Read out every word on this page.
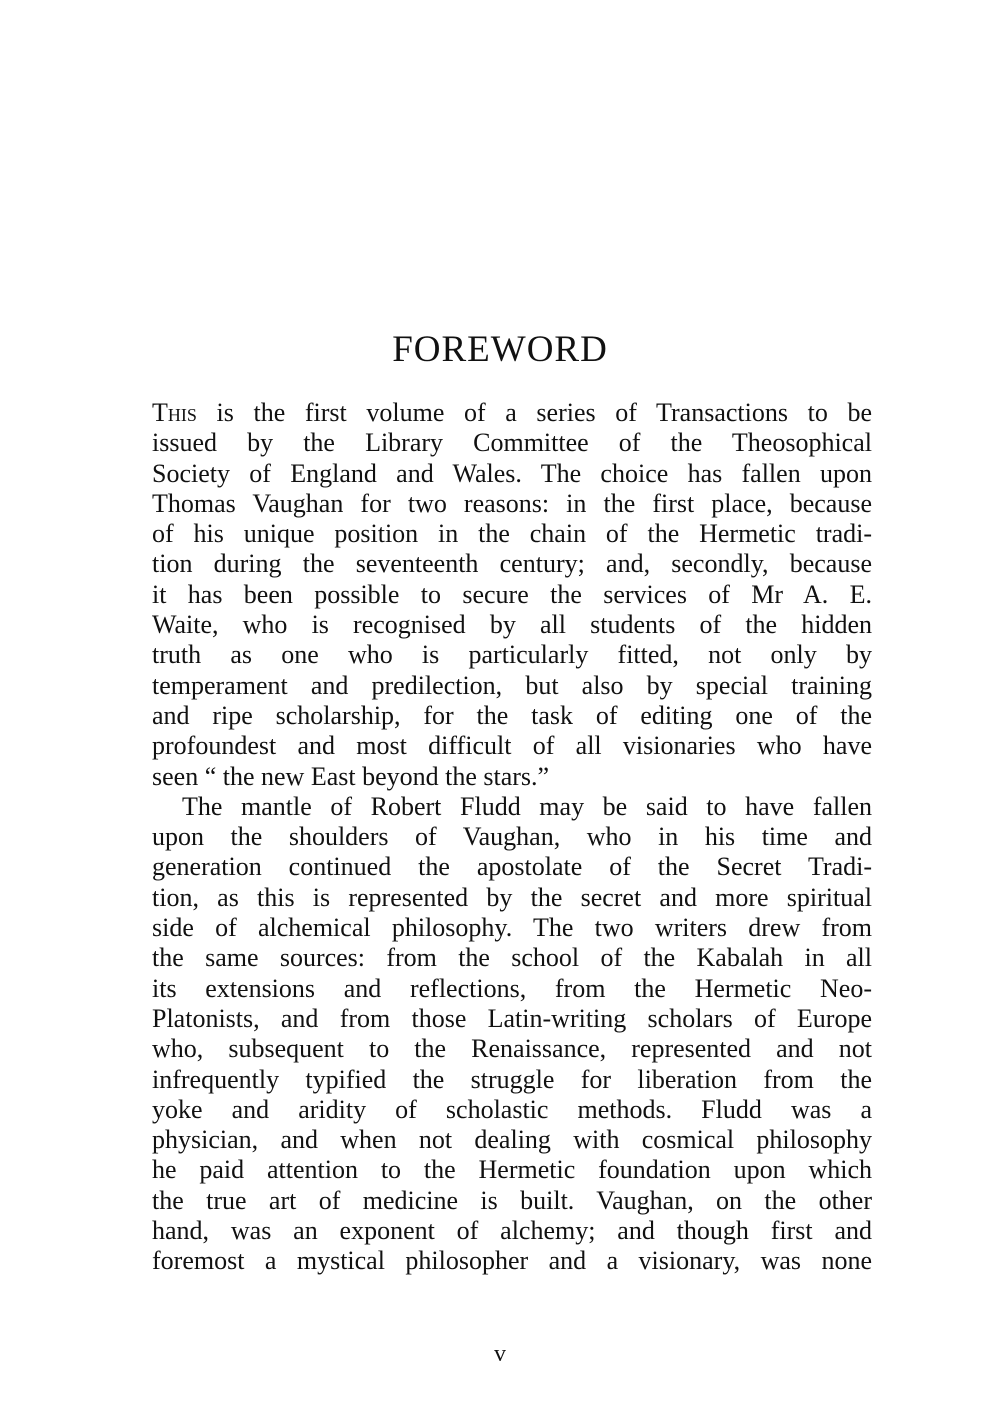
FOREWORD
This is the first volume of a series of Transactions to be
issued by the Library Committee of the Theosophical
Society of England and Wales. The choice has fallen upon
Thomas Vaughan for two reasons: in the first place, because
of his unique position in the chain of the Hermetic tradi-
tion during the seventeenth century; and, secondly, because
it has been possible to secure the services of Mr A. E.
Waite, who is recognised by all students of the hidden
truth as one who is particularly fitted, not only by
temperament and predilection, but also by special training
and ripe scholarship, for the task of editing one of the
profoundest and most difficult of all visionaries who have
seen “ the new East beyond the stars.”
The mantle of Robert Fludd may be said to have fallen
upon the shoulders of Vaughan, who in his time and
generation continued the apostolate of the Secret Tradi-
tion, as this is represented by the secret and more spiritual
side of alchemical philosophy. The two writers drew from
the same sources: from the school of the Kabalah in all
its extensions and reflections, from the Hermetic Neo-
Platonists, and from those Latin-writing scholars of Europe
who, subsequent to the Renaissance, represented and not
infrequently typified the struggle for liberation from the
yoke and aridity of scholastic methods. Fludd was a
physician, and when not dealing with cosmical philosophy
he paid attention to the Hermetic foundation upon which
the true art of medicine is built. Vaughan, on the other
hand, was an exponent of alchemy; and though first and
foremost a mystical philosopher and a visionary, was none
v
